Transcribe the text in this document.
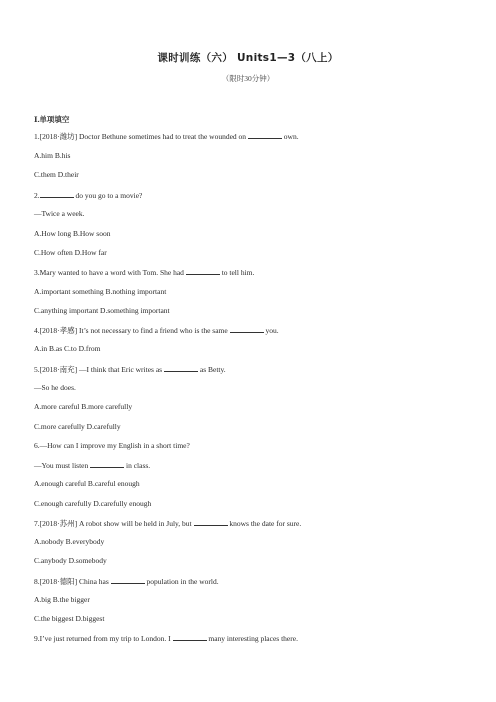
课时训练（六） Units1—3（八上）
（限时30分钟）
Ⅰ.单项填空
1.[2018·潍坊] Doctor Bethune sometimes had to treat the wounded on	own.
A.him B.his
C.them D.their
2.	do you go to a movie?
—Twice a week.
A.How long B.How soon
C.How often D.How far
3.Mary wanted to have a word with Tom. She had	to tell him.
A.important something B.nothing important
C.anything important D.something important
4.[2018·孝感] It’s not necessary to find a friend who is the same	you.
A.in B.as C.to D.from
5.[2018·南充] —I think that Eric writes as	as Betty.
—So he does.
A.more careful B.more carefully
C.more carefully D.carefully
6.—How can I improve my English in a short time?
—You must listen	in class.
A.enough careful B.careful enough
C.enough carefully D.carefully enough
7.[2018·苏州] A robot show will be held in July, but	knows the date for sure.
A.nobody B.everybody
C.anybody D.somebody
8.[2018·德阳] China has	population in the world.
A.big B.the bigger
C.the biggest D.biggest
9.I’ve just returned from my trip to London. I	many interesting places there.
